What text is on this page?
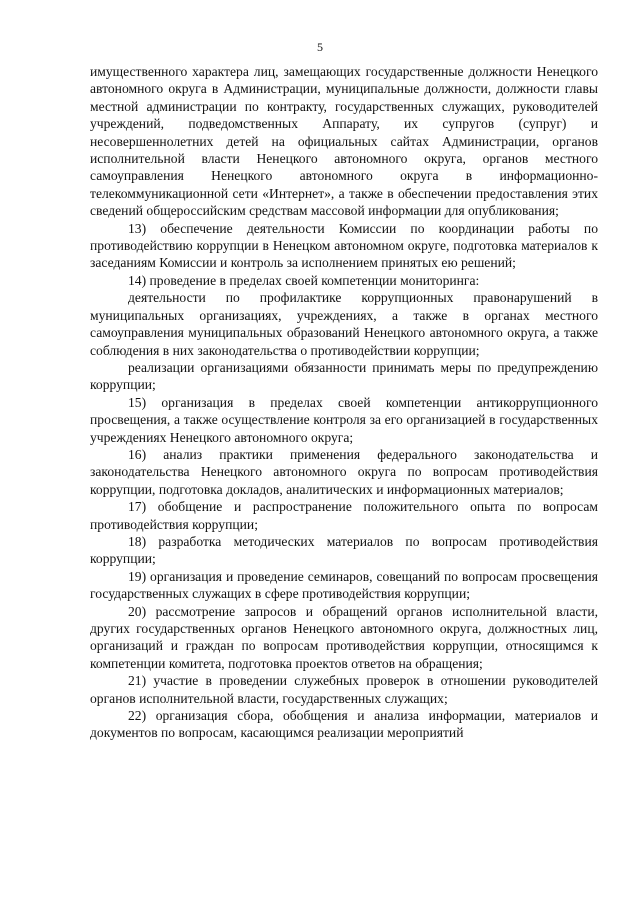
5

имущественного характера лиц, замещающих государственные должности Ненецкого автономного округа в Администрации, муниципальные должности, должности главы местной администрации по контракту, государственных служащих, руководителей учреждений, подведомственных Аппарату, их супругов (супруг) и несовершеннолетних детей на официальных сайтах Администрации, органов исполнительной власти Ненецкого автономного округа, органов местного самоуправления Ненецкого автономного округа в информационно-телекоммуникационной сети «Интернет», а также в обеспечении предоставления этих сведений общероссийским средствам массовой информации для опубликования;

13) обеспечение деятельности Комиссии по координации работы по противодействию коррупции в Ненецком автономном округе, подготовка материалов к заседаниям Комиссии и контроль за исполнением принятых ею решений;

14) проведение в пределах своей компетенции мониторинга:

деятельности по профилактике коррупционных правонарушений в муниципальных организациях, учреждениях, а также в органах местного самоуправления муниципальных образований Ненецкого автономного округа, а также соблюдения в них законодательства о противодействии коррупции;

реализации организациями обязанности принимать меры по предупреждению коррупции;

15) организация в пределах своей компетенции антикоррупционного просвещения, а также осуществление контроля за его организацией в государственных учреждениях Ненецкого автономного округа;

16) анализ практики применения федерального законодательства и законодательства Ненецкого автономного округа по вопросам противодействия коррупции, подготовка докладов, аналитических и информационных материалов;

17) обобщение и распространение положительного опыта по вопросам противодействия коррупции;

18) разработка методических материалов по вопросам противодействия коррупции;

19) организация и проведение семинаров, совещаний по вопросам просвещения государственных служащих в сфере противодействия коррупции;

20) рассмотрение запросов и обращений органов исполнительной власти, других государственных органов Ненецкого автономного округа, должностных лиц, организаций и граждан по вопросам противодействия коррупции, относящимся к компетенции комитета, подготовка проектов ответов на обращения;

21) участие в проведении служебных проверок в отношении руководителей органов исполнительной власти, государственных служащих;

22) организация сбора, обобщения и анализа информации, материалов и документов по вопросам, касающимся реализации мероприятий
